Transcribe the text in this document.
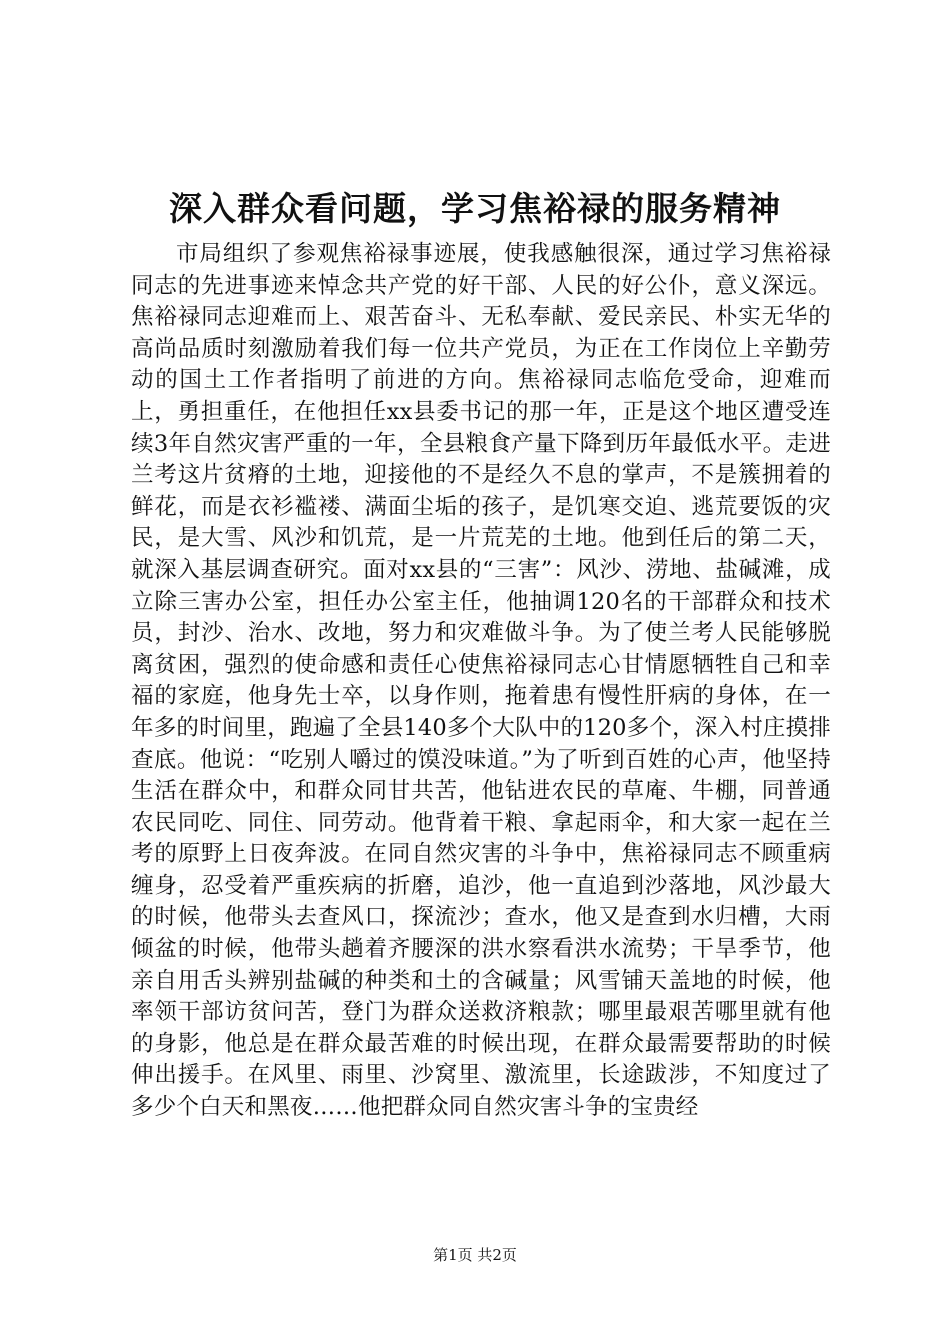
深入群众看问题，学习焦裕禄的服务精神

市局组织了参观焦裕禄事迹展，使我感触很深，通过学习焦裕禄同志的先进事迹来悼念共产党的好干部、人民的好公仆，意义深远。焦裕禄同志迎难而上、艰苦奋斗、无私奉献、爱民亲民、朴实无华的高尚品质时刻激励着我们每一位共产党员，为正在工作岗位上辛勤劳动的国土工作者指明了前进的方向。焦裕禄同志临危受命，迎难而上，勇担重任，在他担任xx县委书记的那一年，正是这个地区遭受连续3年自然灾害严重的一年，全县粮食产量下降到历年最低水平。走进兰考这片贫瘠的土地，迎接他的不是经久不息的掌声，不是簇拥着的鲜花，而是衣衫褴褛、满面尘垢的孩子，是饥寒交迫、逃荒要饭的灾民，是大雪、风沙和饥荒，是一片荒芜的土地。他到任后的第二天，就深入基层调查研究。面对xx县的“三害”：风沙、涝地、盐碱滩，成立除三害办公室，担任办公室主任，他抽调120名的干部群众和技术员，封沙、治水、改地，努力和灾难做斗争。为了使兰考人民能够脱离贫困，强烈的使命感和责任心使焦裕禄同志心甘情愿牺牲自己和幸福的家庭，他身先士卒，以身作则，拖着患有慢性肝病的身体，在一年多的时间里，跑遍了全县140多个大队中的120多个，深入村庄摸排查底。他说：“吃别人嚼过的馍没味道。”为了听到百姓的心声，他坚持生活在群众中，和群众同甘共苦，他钻进农民的草庵、牛棚，同普通农民同吃、同住、同劳动。他背着干粮、拿起雨伞，和大家一起在兰考的原野上日夜奔波。在同自然灾害的斗争中，焦裕禄同志不顾重病缠身，忍受着严重疾病的折磨，追沙，他一直追到沙落地，风沙最大的时候，他带头去查风口，探流沙；查水，他又是查到水归槽，大雨倾盆的时候，他带头趟着齐腰深的洪水察看洪水流势；干旱季节，他亲自用舌头辨别盐碱的种类和土的含碱量；风雪铺天盖地的时候，他率领干部访贫问苦，登门为群众送救济粮款；哪里最艰苦哪里就有他的身影，他总是在群众最苦难的时候出现，在群众最需要帮助的时候伸出援手。在风里、雨里、沙窝里、激流里，长途跋涉，不知度过了多少个白天和黑夜……他把群众同自然灾害斗争的宝贵经

第1页 共2页
